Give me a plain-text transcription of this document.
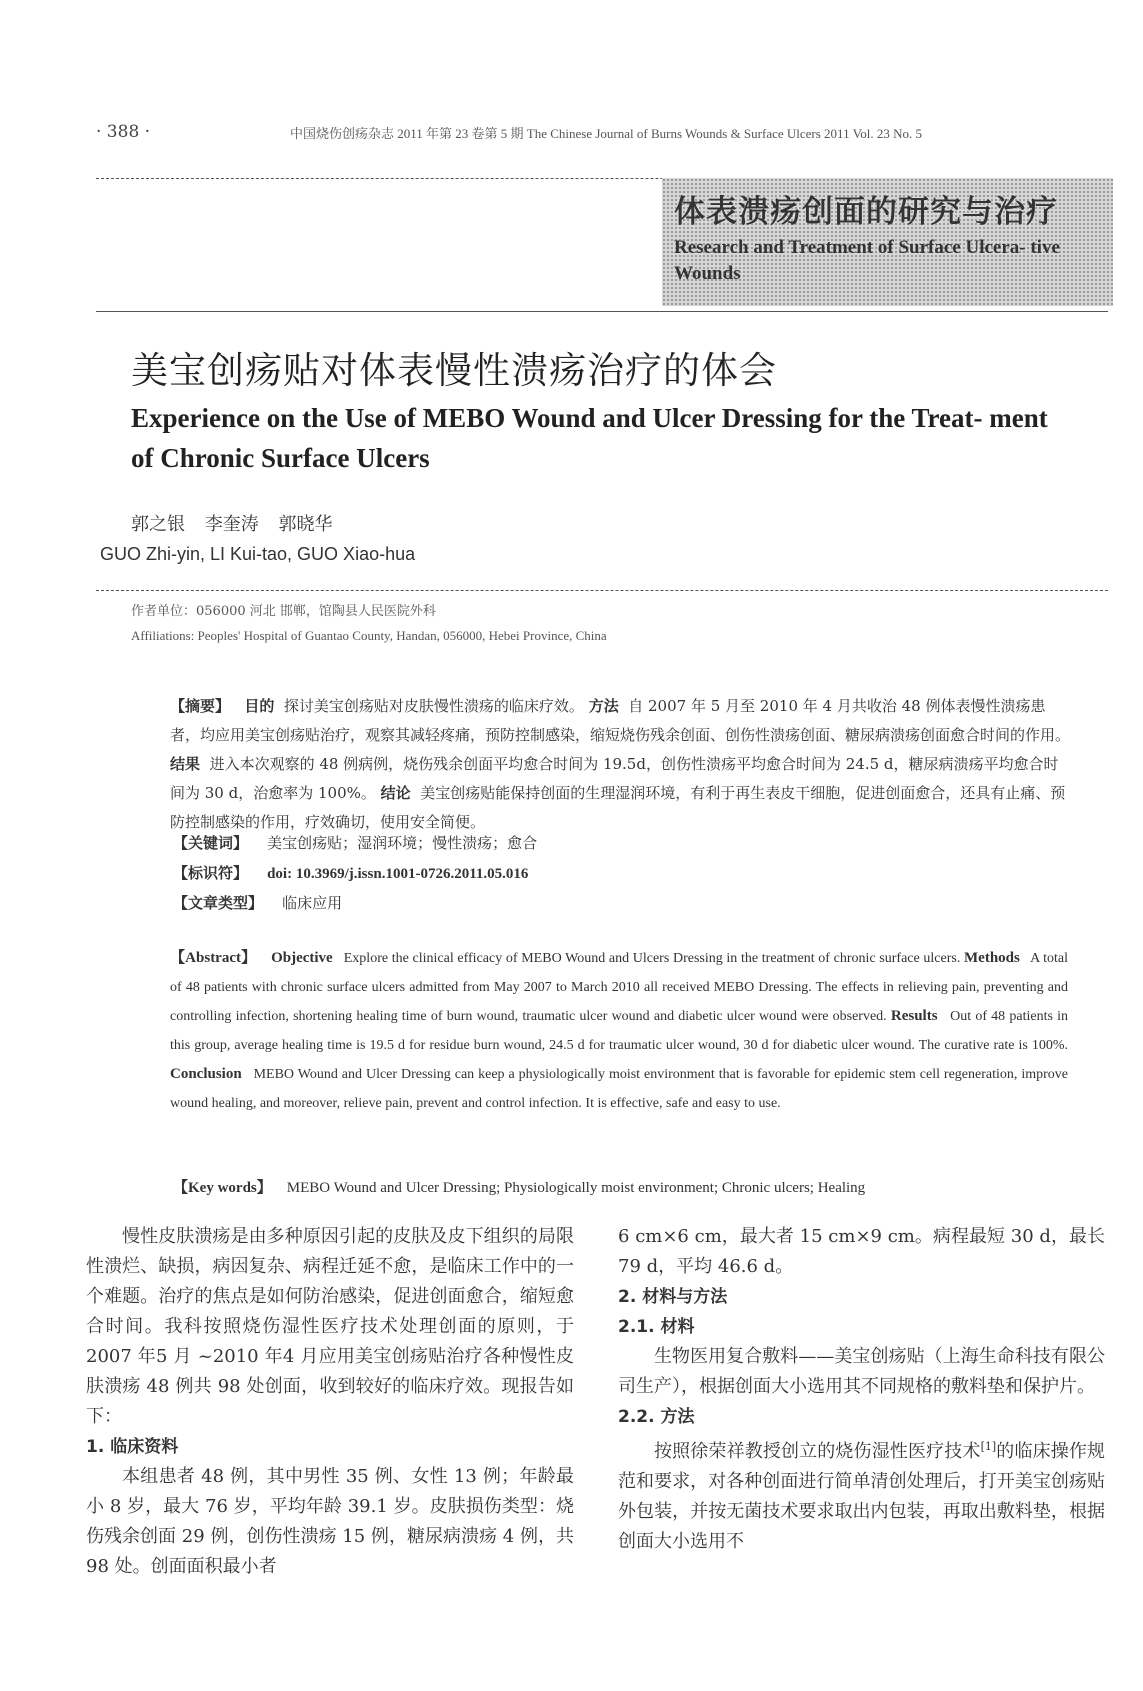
· 388 ·	中国烧伤创疡杂志 2011 年第 23 卷第 5 期 The Chinese Journal of Burns Wounds & Surface Ulcers 2011 Vol. 23 No. 5
体表溃疡创面的研究与治疗
Research and Treatment of Surface Ulcera- tive Wounds
美宝创疡贴对体表慢性溃疡治疗的体会
Experience on the Use of MEBO Wound and Ulcer Dressing for the Treat- ment of Chronic Surface Ulcers
郭之银 李奎涛 郭晓华
GUO Zhi-yin, LI Kui-tao, GUO Xiao-hua
作者单位：056000 河北 邯郸，馆陶县人民医院外科
Affiliations: Peoples' Hospital of Guantao County, Handan, 056000, Hebei Province, China
【摘要】 目的 探讨美宝创疡贴对皮肤慢性溃疡的临床疗效。 方法 自 2007 年 5 月至 2010 年 4 月共收治 48 例体表慢性溃疡患者，均应用美宝创疡贴治疗，观察其减轻疼痛，预防控制感染，缩短烧伤残余创面、创伤性溃疡创面、糖尿病溃疡创面愈合时间的作用。 结果 进入本次观察的 48 例病例，烧伤残余创面平均愈合时间为 19.5d，创伤性溃疡平均愈合时间为 24.5 d，糖尿病溃疡平均愈合时间为 30 d，治愈率为 100%。 结论 美宝创疡贴能保持创面的生理湿润环境，有利于再生表皮干细胞，促进创面愈合，还具有止痛、预防控制感染的作用，疗效确切，使用安全简便。
【关键词】 美宝创疡贴；湿润环境；慢性溃疡；愈合
【标识符】 doi: 10.3969/j.issn.1001-0726.2011.05.016
【文章类型】 临床应用
【Abstract】 Objective Explore the clinical efficacy of MEBO Wound and Ulcers Dressing in the treatment of chronic surface ulcers. Methods A total of 48 patients with chronic surface ulcers admitted from May 2007 to March 2010 all received MEBO Dressing. The effects in relieving pain, preventing and controlling infection, shortening healing time of burn wound, traumatic ulcer wound and diabetic ulcer wound were observed. Results Out of 48 patients in this group, average healing time is 19.5 d for residue burn wound, 24.5 d for traumatic ulcer wound, 30 d for diabetic ulcer wound. The curative rate is 100%. Conclusion MEBO Wound and Ulcer Dressing can keep a physiologically moist environment that is favorable for epidemic stem cell regeneration, improve wound healing, and moreover, relieve pain, prevent and control infection. It is effective, safe and easy to use.
【Key words】 MEBO Wound and Ulcer Dressing; Physiologically moist environment; Chronic ulcers; Healing

慢性皮肤溃疡是由多种原因引起的皮肤及皮下组织的局限性溃烂、缺损，病因复杂、病程迁延不愈，是临床工作中的一个难题。治疗的焦点是如何防治感染，促进创面愈合，缩短愈合时间。我科按照烧伤湿性医疗技术处理创面的原则，于2007 年5 月 ~2010 年4 月应用美宝创疡贴治疗各种慢性皮肤溃疡 48 例共 98 处创面，收到较好的临床疗效。现报告如下：

1. 临床资料

本组患者 48 例，其中男性 35 例、女性 13 例；年龄最小 8 岁，最大 76 岁，平均年龄 39.1 岁。皮肤损伤类型：烧伤残余创面 29 例，创伤性溃疡 15 例，糖尿病溃疡 4 例，共 98 处。创面面积最小者

6 cm×6 cm，最大者 15 cm×9 cm。病程最短 30 d，最长 79 d，平均 46.6 d。

2. 材料与方法

2.1. 材料

生物医用复合敷料——美宝创疡贴（上海生命科技有限公司生产），根据创面大小选用其不同规格的敷料垫和保护片。

2.2. 方法

按照徐荣祥教授创立的烧伤湿性医疗技术[1]的临床操作规范和要求，对各种创面进行简单清创处理后，打开美宝创疡贴外包装，并按无菌技术要求取出内包装，再取出敷料垫，根据创面大小选用不
